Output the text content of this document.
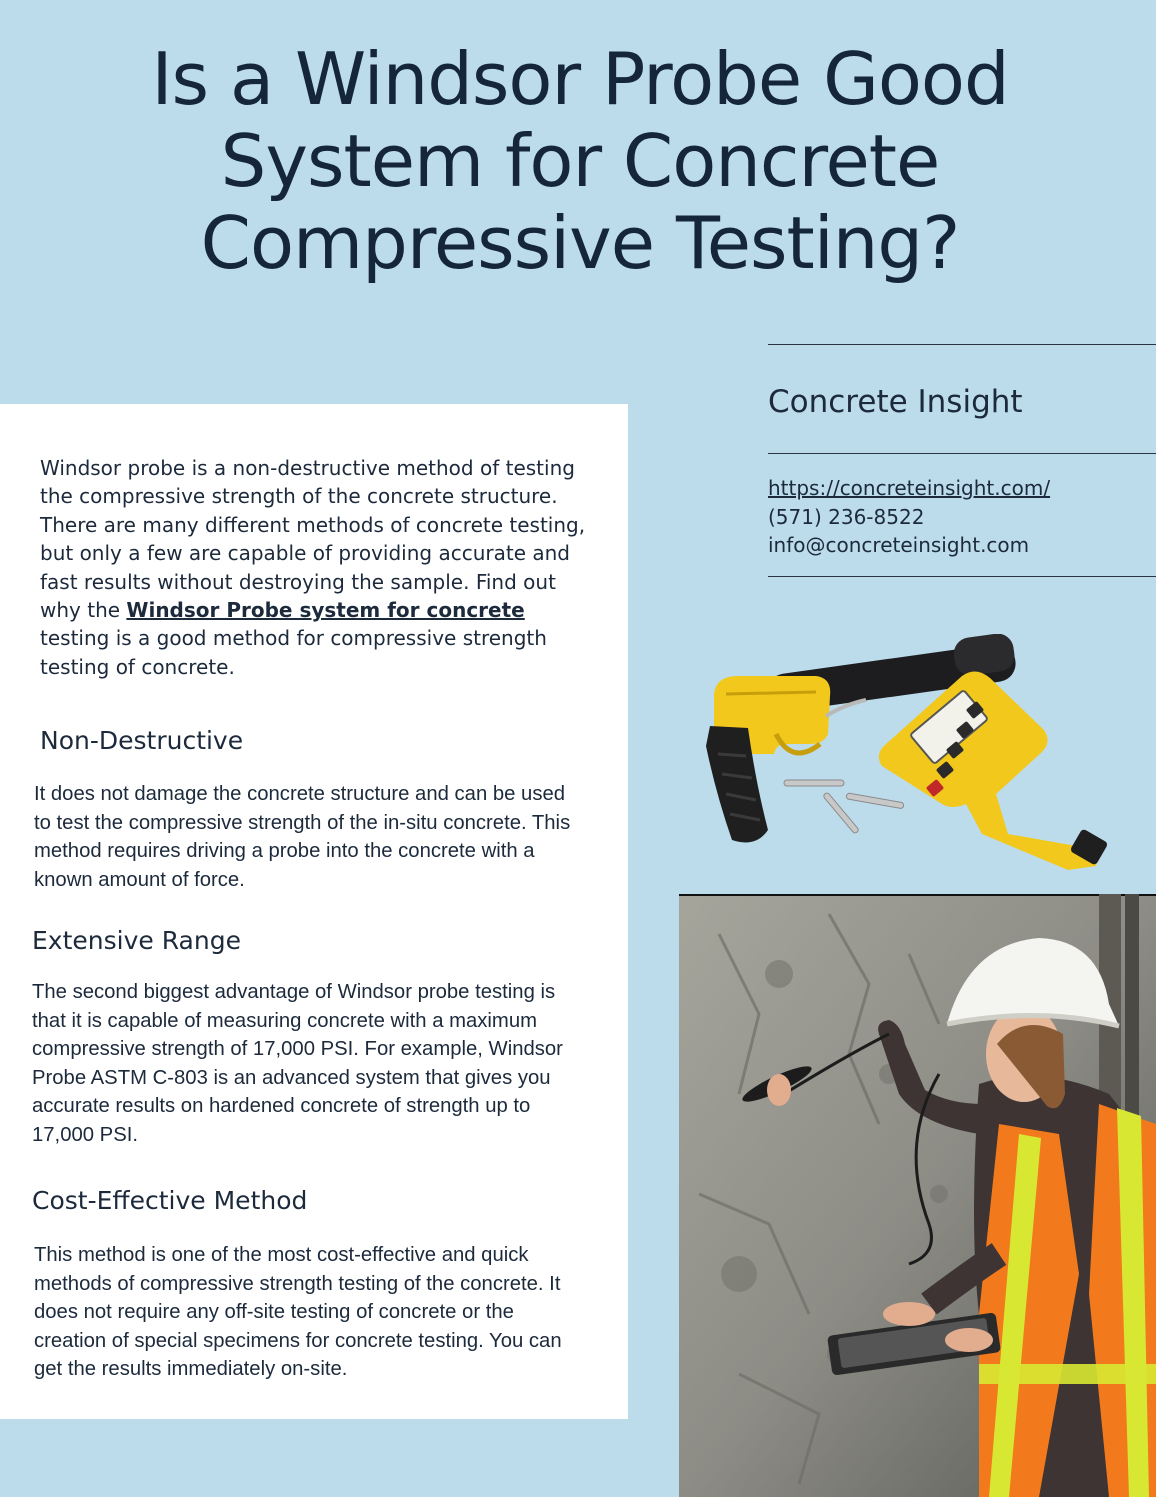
Is a Windsor Probe Good
System for Concrete
Compressive Testing?
Concrete Insight
https://concreteinsight.com/
(571) 236-8522
info@concreteinsight.com

Windsor probe is a non-destructive method of testing the compressive strength of the concrete structure. There are many different methods of concrete testing, but only a few are capable of providing accurate and fast results without destroying the sample. Find out why the Windsor Probe system for concrete testing is a good method for compressive strength testing of concrete.

Non-Destructive

It does not damage the concrete structure and can be used to test the compressive strength of the in-situ concrete. This method requires driving a probe into the concrete with a known amount of force.

Extensive Range

The second biggest advantage of Windsor probe testing is that it is capable of measuring concrete with a maximum compressive strength of 17,000 PSI. For example, Windsor Probe ASTM C-803 is an advanced system that gives you accurate results on hardened concrete of strength up to 17,000 PSI.

Cost-Effective Method

This method is one of the most cost-effective and quick methods of compressive strength testing of the concrete. It does not require any off-site testing of concrete or the creation of special specimens for concrete testing. You can get the results immediately on-site.
